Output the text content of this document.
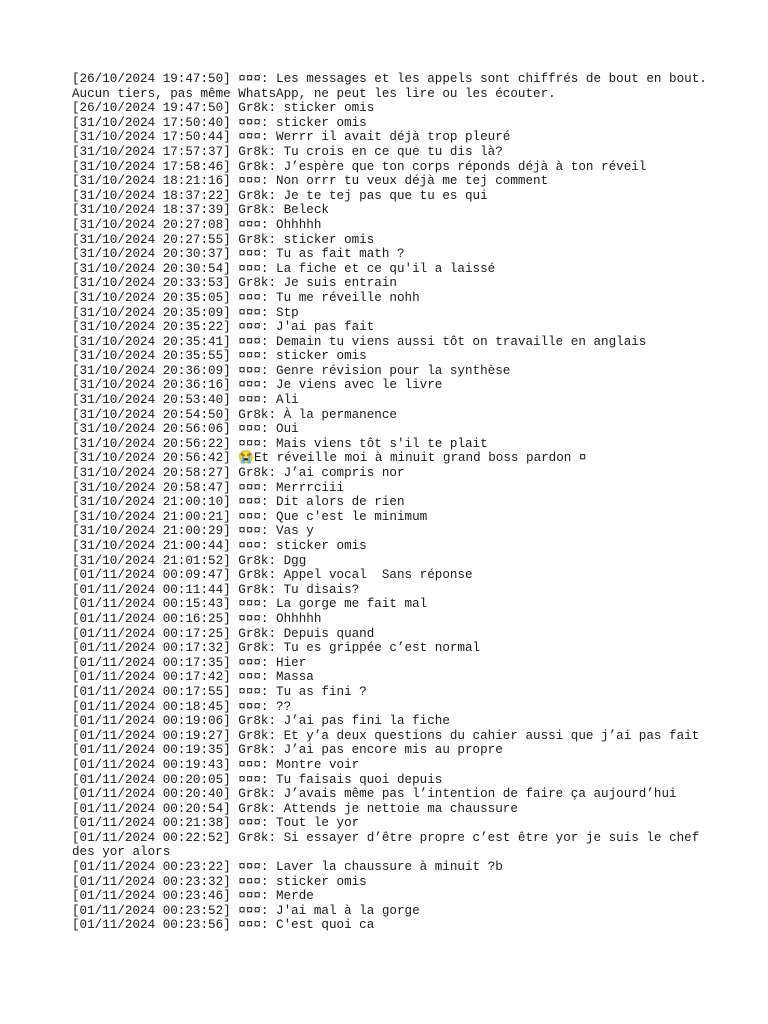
[26/10/2024 19:47:50] ¤¤¤: Les messages et les appels sont chiffrés de bout en bout. Aucun tiers, pas même WhatsApp, ne peut les lire ou les écouter.
[26/10/2024 19:47:50] Gr8k: sticker omis
[31/10/2024 17:50:40] ¤¤¤: sticker omis
[31/10/2024 17:50:44] ¤¤¤: Werrr il avait déjà trop pleuré
[31/10/2024 17:57:37] Gr8k: Tu crois en ce que tu dis là?
[31/10/2024 17:58:46] Gr8k: J’espère que ton corps réponds déjà à ton réveil
[31/10/2024 18:21:16] ¤¤¤: Non orrr tu veux déjà me tej comment
[31/10/2024 18:37:22] Gr8k: Je te tej pas que tu es qui
[31/10/2024 18:37:39] Gr8k: Beleck
[31/10/2024 20:27:08] ¤¤¤: Ohhhhh
[31/10/2024 20:27:55] Gr8k: sticker omis
[31/10/2024 20:30:37] ¤¤¤: Tu as fait math ?
[31/10/2024 20:30:54] ¤¤¤: La fiche et ce qu'il a laissé
[31/10/2024 20:33:53] Gr8k: Je suis entrain
[31/10/2024 20:35:05] ¤¤¤: Tu me réveille nohh
[31/10/2024 20:35:09] ¤¤¤: Stp
[31/10/2024 20:35:22] ¤¤¤: J'ai pas fait
[31/10/2024 20:35:41] ¤¤¤: Demain tu viens aussi tôt on travaille en anglais
[31/10/2024 20:35:55] ¤¤¤: sticker omis
[31/10/2024 20:36:09] ¤¤¤: Genre révision pour la synthèse
[31/10/2024 20:36:16] ¤¤¤: Je viens avec le livre
[31/10/2024 20:53:40] ¤¤¤: Ali
[31/10/2024 20:54:50] Gr8k: À la permanence
[31/10/2024 20:56:06] ¤¤¤: Oui
[31/10/2024 20:56:22] ¤¤¤: Mais viens tôt s'il te plait
[31/10/2024 20:56:42] 😭Et réveille moi à minuit grand boss pardon ¤
[31/10/2024 20:58:27] Gr8k: J’ai compris nor
[31/10/2024 20:58:47] ¤¤¤: Merrrciii
[31/10/2024 21:00:10] ¤¤¤: Dit alors de rien
[31/10/2024 21:00:21] ¤¤¤: Que c'est le minimum
[31/10/2024 21:00:29] ¤¤¤: Vas y
[31/10/2024 21:00:44] ¤¤¤: sticker omis
[31/10/2024 21:01:52] Gr8k: Dgg
[01/11/2024 00:09:47] Gr8k: Appel vocal  Sans réponse
[01/11/2024 00:11:44] Gr8k: Tu disais?
[01/11/2024 00:15:43] ¤¤¤: La gorge me fait mal
[01/11/2024 00:16:25] ¤¤¤: Ohhhhh
[01/11/2024 00:17:25] Gr8k: Depuis quand
[01/11/2024 00:17:32] Gr8k: Tu es grippée c’est normal
[01/11/2024 00:17:35] ¤¤¤: Hier
[01/11/2024 00:17:42] ¤¤¤: Massa
[01/11/2024 00:17:55] ¤¤¤: Tu as fini ?
[01/11/2024 00:18:45] ¤¤¤: ??
[01/11/2024 00:19:06] Gr8k: J’ai pas fini la fiche
[01/11/2024 00:19:27] Gr8k: Et y’a deux questions du cahier aussi que j’ai pas fait
[01/11/2024 00:19:35] Gr8k: J’ai pas encore mis au propre
[01/11/2024 00:19:43] ¤¤¤: Montre voir
[01/11/2024 00:20:05] ¤¤¤: Tu faisais quoi depuis
[01/11/2024 00:20:40] Gr8k: J’avais même pas l’intention de faire ça aujourd’hui
[01/11/2024 00:20:54] Gr8k: Attends je nettoie ma chaussure
[01/11/2024 00:21:38] ¤¤¤: Tout le yor
[01/11/2024 00:22:52] Gr8k: Si essayer d’être propre c’est être yor je suis le chef des yor alors
[01/11/2024 00:23:22] ¤¤¤: Laver la chaussure à minuit ?b
[01/11/2024 00:23:32] ¤¤¤: sticker omis
[01/11/2024 00:23:46] ¤¤¤: Merde
[01/11/2024 00:23:52] ¤¤¤: J'ai mal à la gorge
[01/11/2024 00:23:56] ¤¤¤: C'est quoi ca
